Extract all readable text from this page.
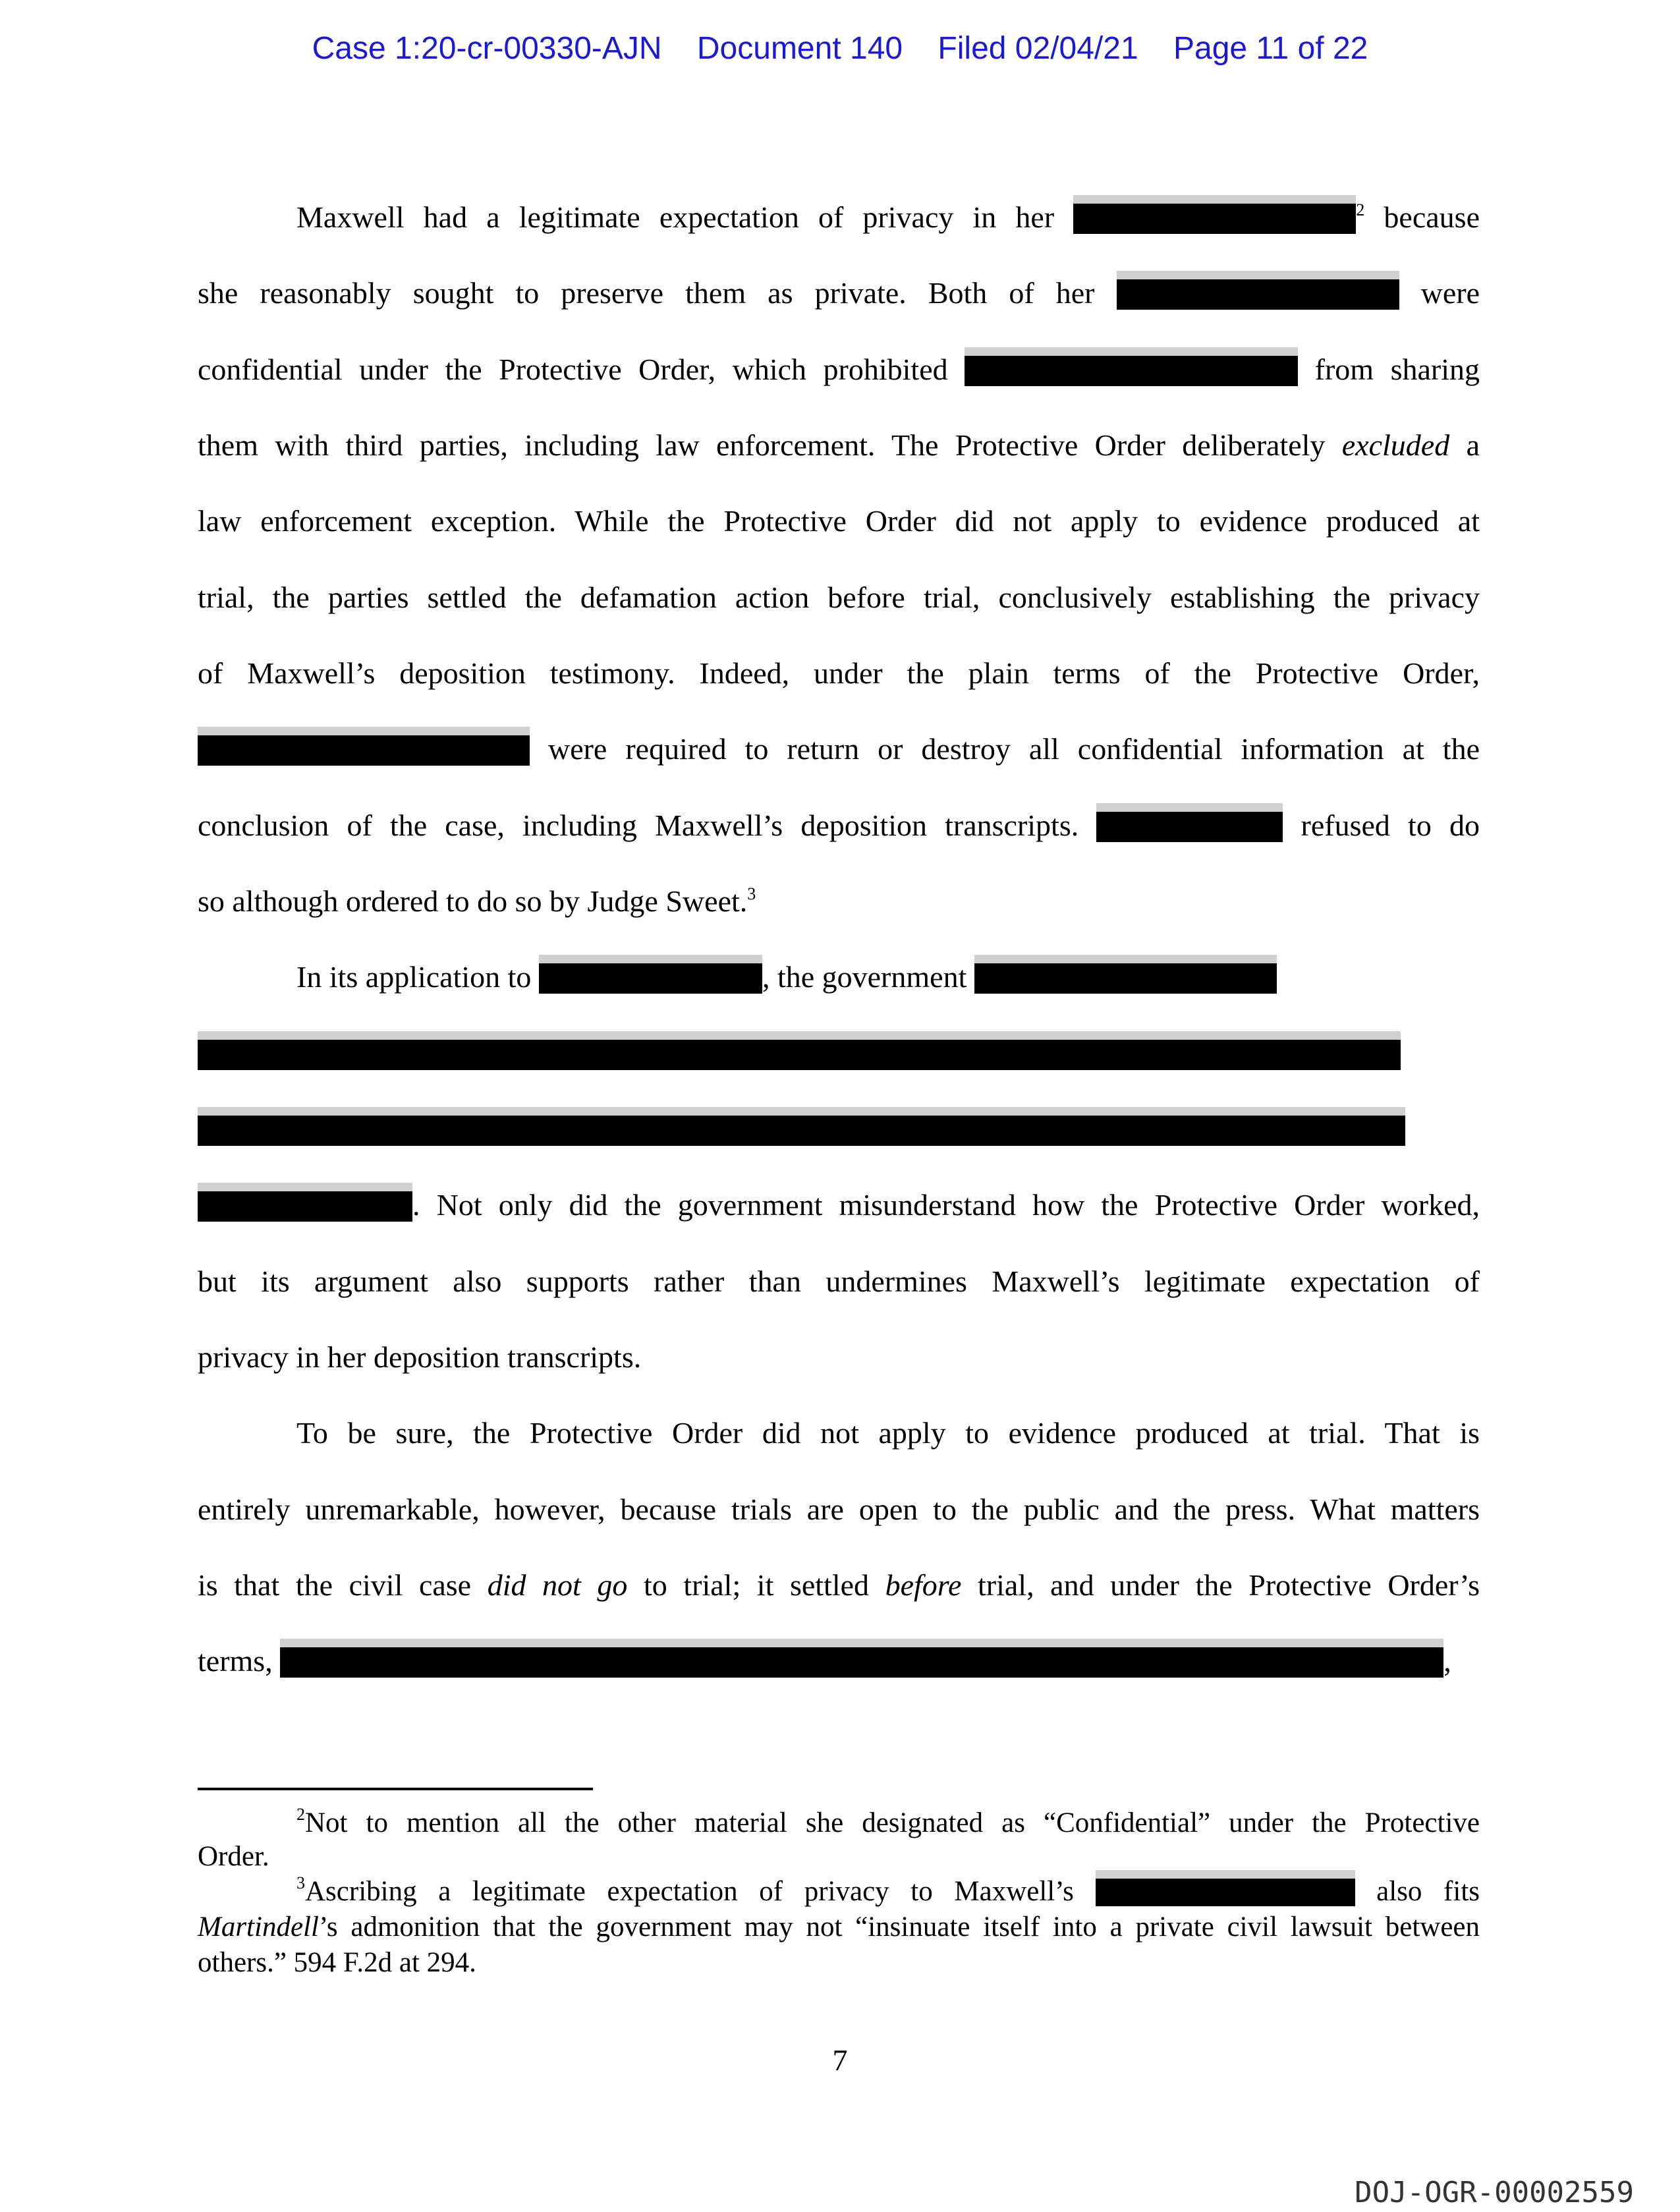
Case 1:20-cr-00330-AJN Document 140 Filed 02/04/21 Page 11 of 22
Maxwell had a legitimate expectation of privacy in her	$^2$ because
she reasonably sought to preserve them as private. Both of her	were
confidential under the Protective Order, which prohibited	from sharing
them with third parties, including law enforcement. The Protective Order deliberately excluded a
law enforcement exception. While the Protective Order did not apply to evidence produced at
trial, the parties settled the defamation action before trial, conclusively establishing the privacy
of Maxwell’s deposition testimony. Indeed, under the plain terms of the Protective Order,
were required to return or destroy all confidential information at the
conclusion of the case, including Maxwell’s deposition transcripts.	refused to do
so although ordered to do so by Judge Sweet.$^3$
In its application to	, the government
. Not only did the government misunderstand how the Protective Order worked,
but its argument also supports rather than undermines Maxwell’s legitimate expectation of
privacy in her deposition transcripts.
To be sure, the Protective Order did not apply to evidence produced at trial. That is
entirely unremarkable, however, because trials are open to the public and the press. What matters
is that the civil case did not go to trial; it settled before trial, and under the Protective Order’s
terms,	,
$^2$Not to mention all the other material she designated as “Confidential” under the Protective
Order.
$^3$Ascribing a legitimate expectation of privacy to Maxwell’s	also fits
Martindell’s admonition that the government may not “insinuate itself into a private civil lawsuit between
others.” 594 F.2d at 294.
7
DOJ-OGR-00002559
